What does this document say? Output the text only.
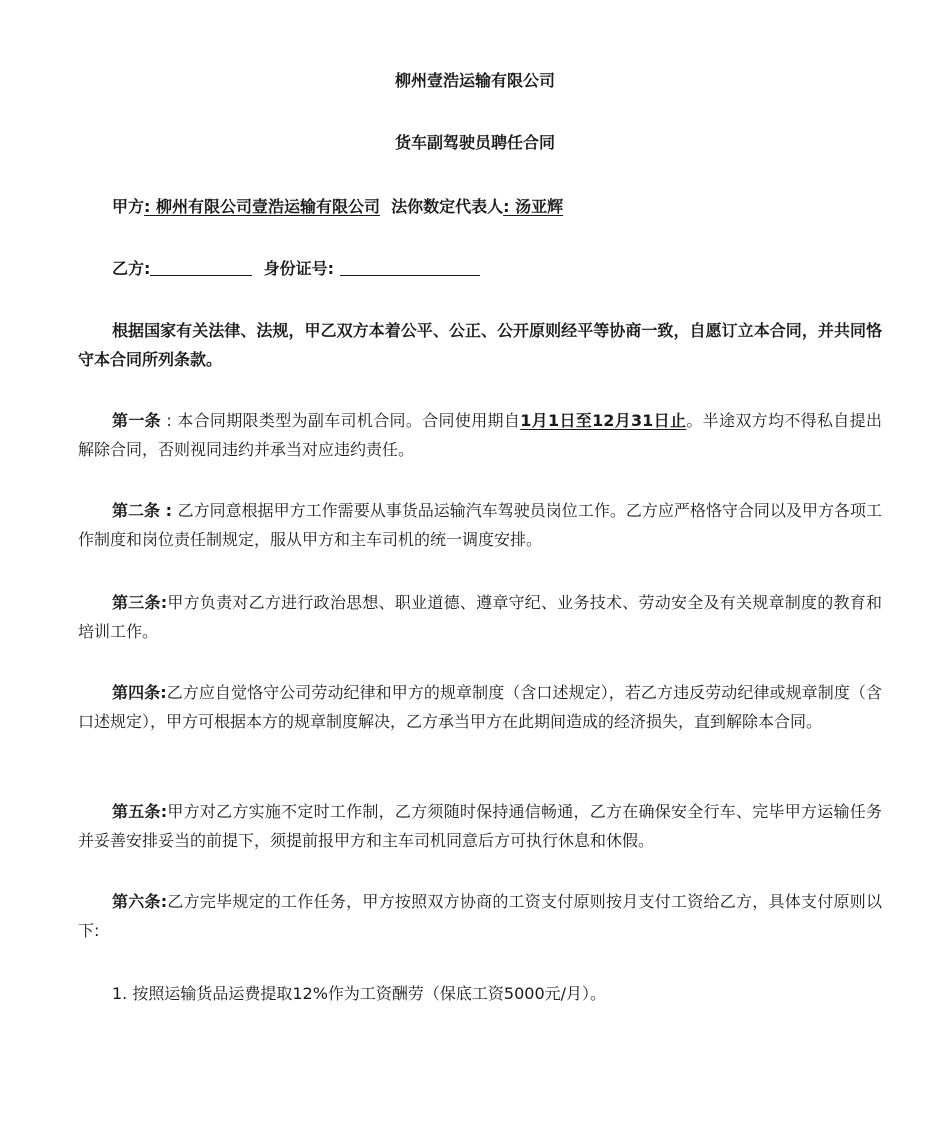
柳州壹浩运输有限公司
货车副驾驶员聘任合同
甲方: 柳州有限公司壹浩运输有限公司 法你数定代表人: 汤亚辉
乙方:	身份证号:

根据国家有关法律、法规，甲乙双方本着公平、公正、公开原则经平等协商一致，自愿订立本合同，并共同恪守本合同所列条款。

第一条 : 本合同期限类型为副车司机合同。合同使用期自1月1日至12月31日止。半途双方均不得私自提出解除合同，否则视同违约并承当对应违约责任。

第二条 : 乙方同意根据甲方工作需要从事货品运输汽车驾驶员岗位工作。乙方应严格恪守合同以及甲方各项工作制度和岗位责任制规定，服从甲方和主车司机的统一调度安排。

第三条:甲方负责对乙方进行政治思想、职业道德、遵章守纪、业务技术、劳动安全及有关规章制度的教育和培训工作。

第四条:乙方应自觉恪守公司劳动纪律和甲方的规章制度（含口述规定），若乙方违反劳动纪律或规章制度（含口述规定），甲方可根据本方的规章制度解决，乙方承当甲方在此期间造成的经济损失，直到解除本合同。

第五条:甲方对乙方实施不定时工作制，乙方须随时保持通信畅通，乙方在确保安全行车、完毕甲方运输任务并妥善安排妥当的前提下，须提前报甲方和主车司机同意后方可执行休息和休假。

第六条:乙方完毕规定的工作任务，甲方按照双方协商的工资支付原则按月支付工资给乙方，具体支付原则以下:

1. 按照运输货品运费提取12%作为工资酬劳（保底工资5000元/月）。
